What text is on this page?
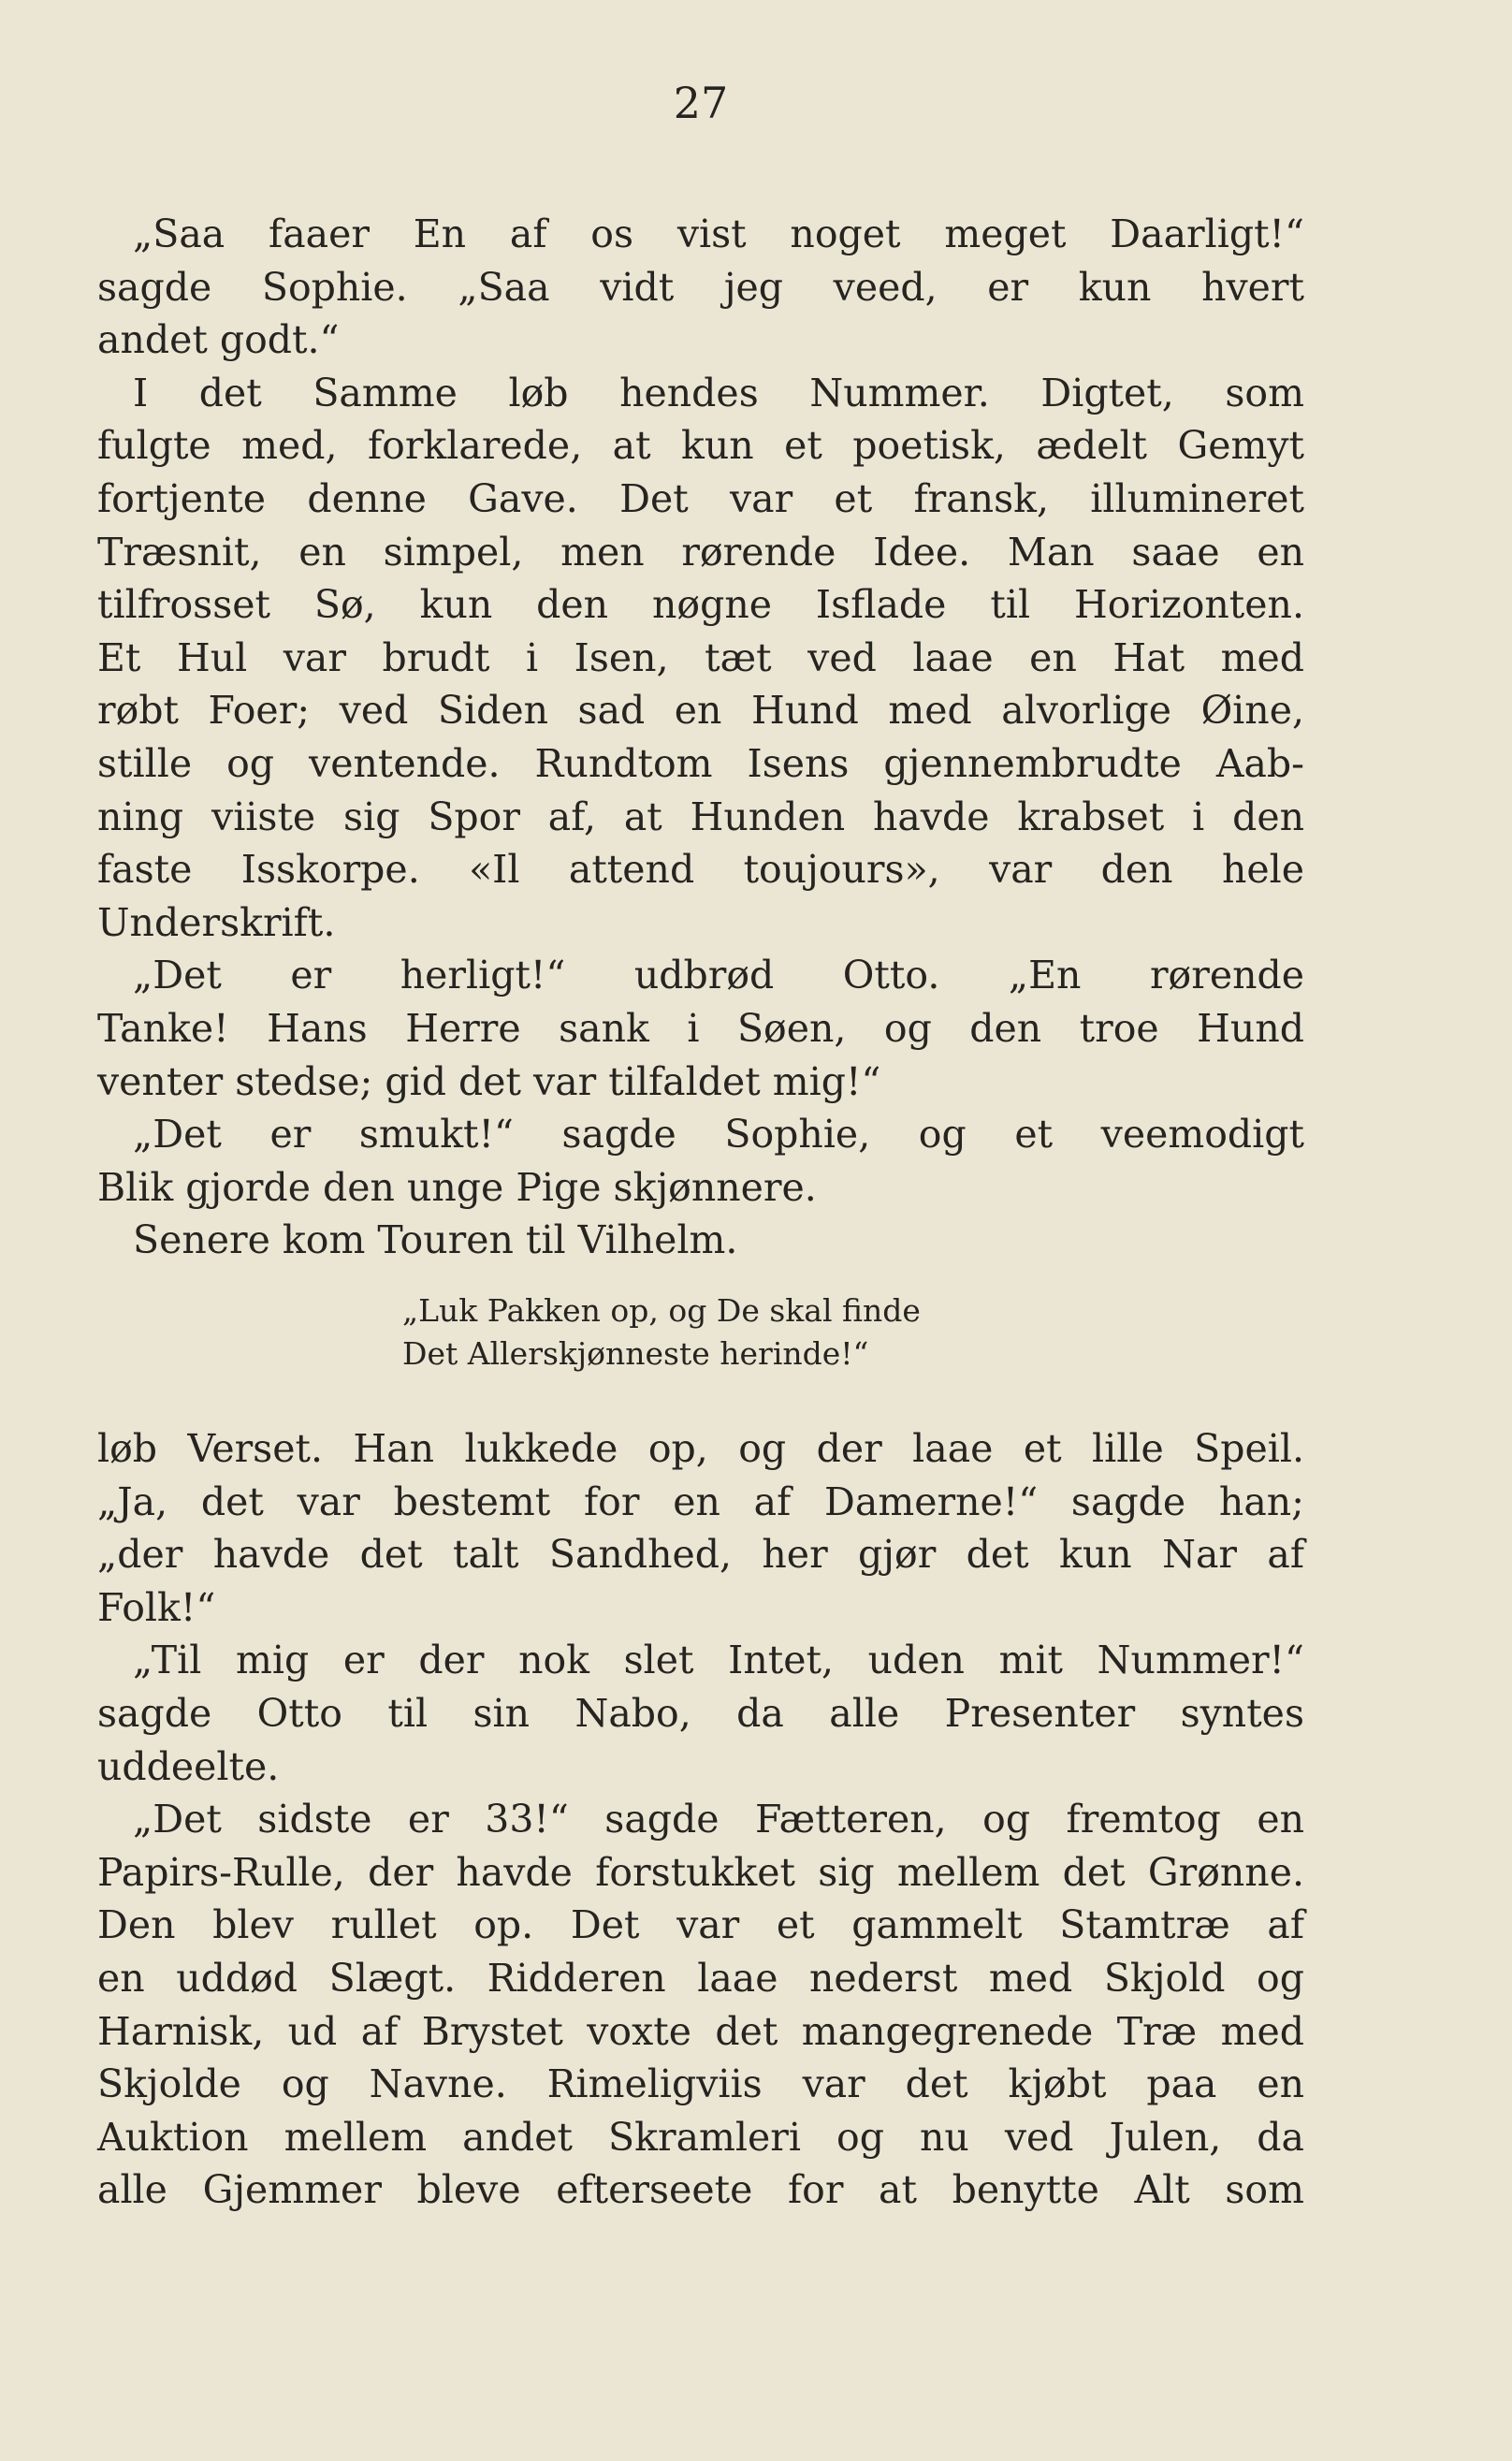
27
„Saa faaer En af os vist noget meget Daarligt!“
sagde Sophie. „Saa vidt jeg veed, er kun hvert
andet godt.“
I det Samme løb hendes Nummer. Digtet, som
fulgte med, forklarede, at kun et poetisk, ædelt Gemyt
fortjente denne Gave. Det var et fransk, illumineret
Træsnit, en simpel, men rørende Idee. Man saae en
tilfrosset Sø, kun den nøgne Isflade til Horizonten.
Et Hul var brudt i Isen, tæt ved laae en Hat med
røbt Foer; ved Siden sad en Hund med alvorlige Øine,
stille og ventende. Rundtom Isens gjennembrudte Aab-
ning viiste sig Spor af, at Hunden havde krabset i den
faste Isskorpe. «Il attend toujours», var den hele
Underskrift.
„Det er herligt!“ udbrød Otto. „En rørende
Tanke! Hans Herre sank i Søen, og den troe Hund
venter stedse; gid det var tilfaldet mig!“
„Det er smukt!“ sagde Sophie, og et veemodigt
Blik gjorde den unge Pige skjønnere.
Senere kom Touren til Vilhelm.
„Luk Pakken op, og De skal finde
Det Allerskjønneste herinde!“
løb Verset. Han lukkede op, og der laae et lille Speil.
„Ja, det var bestemt for en af Damerne!“ sagde han;
„der havde det talt Sandhed, her gjør det kun Nar af
Folk!“
„Til mig er der nok slet Intet, uden mit Nummer!“
sagde Otto til sin Nabo, da alle Presenter syntes
uddeelte.
„Det sidste er 33!“ sagde Fætteren, og fremtog en
Papirs-Rulle, der havde forstukket sig mellem det Grønne.
Den blev rullet op. Det var et gammelt Stamtræ af
en uddød Slægt. Ridderen laae nederst med Skjold og
Harnisk, ud af Brystet voxte det mangegrenede Træ med
Skjolde og Navne. Rimeligviis var det kjøbt paa en
Auktion mellem andet Skramleri og nu ved Julen, da
alle Gjemmer bleve efterseete for at benytte Alt som
